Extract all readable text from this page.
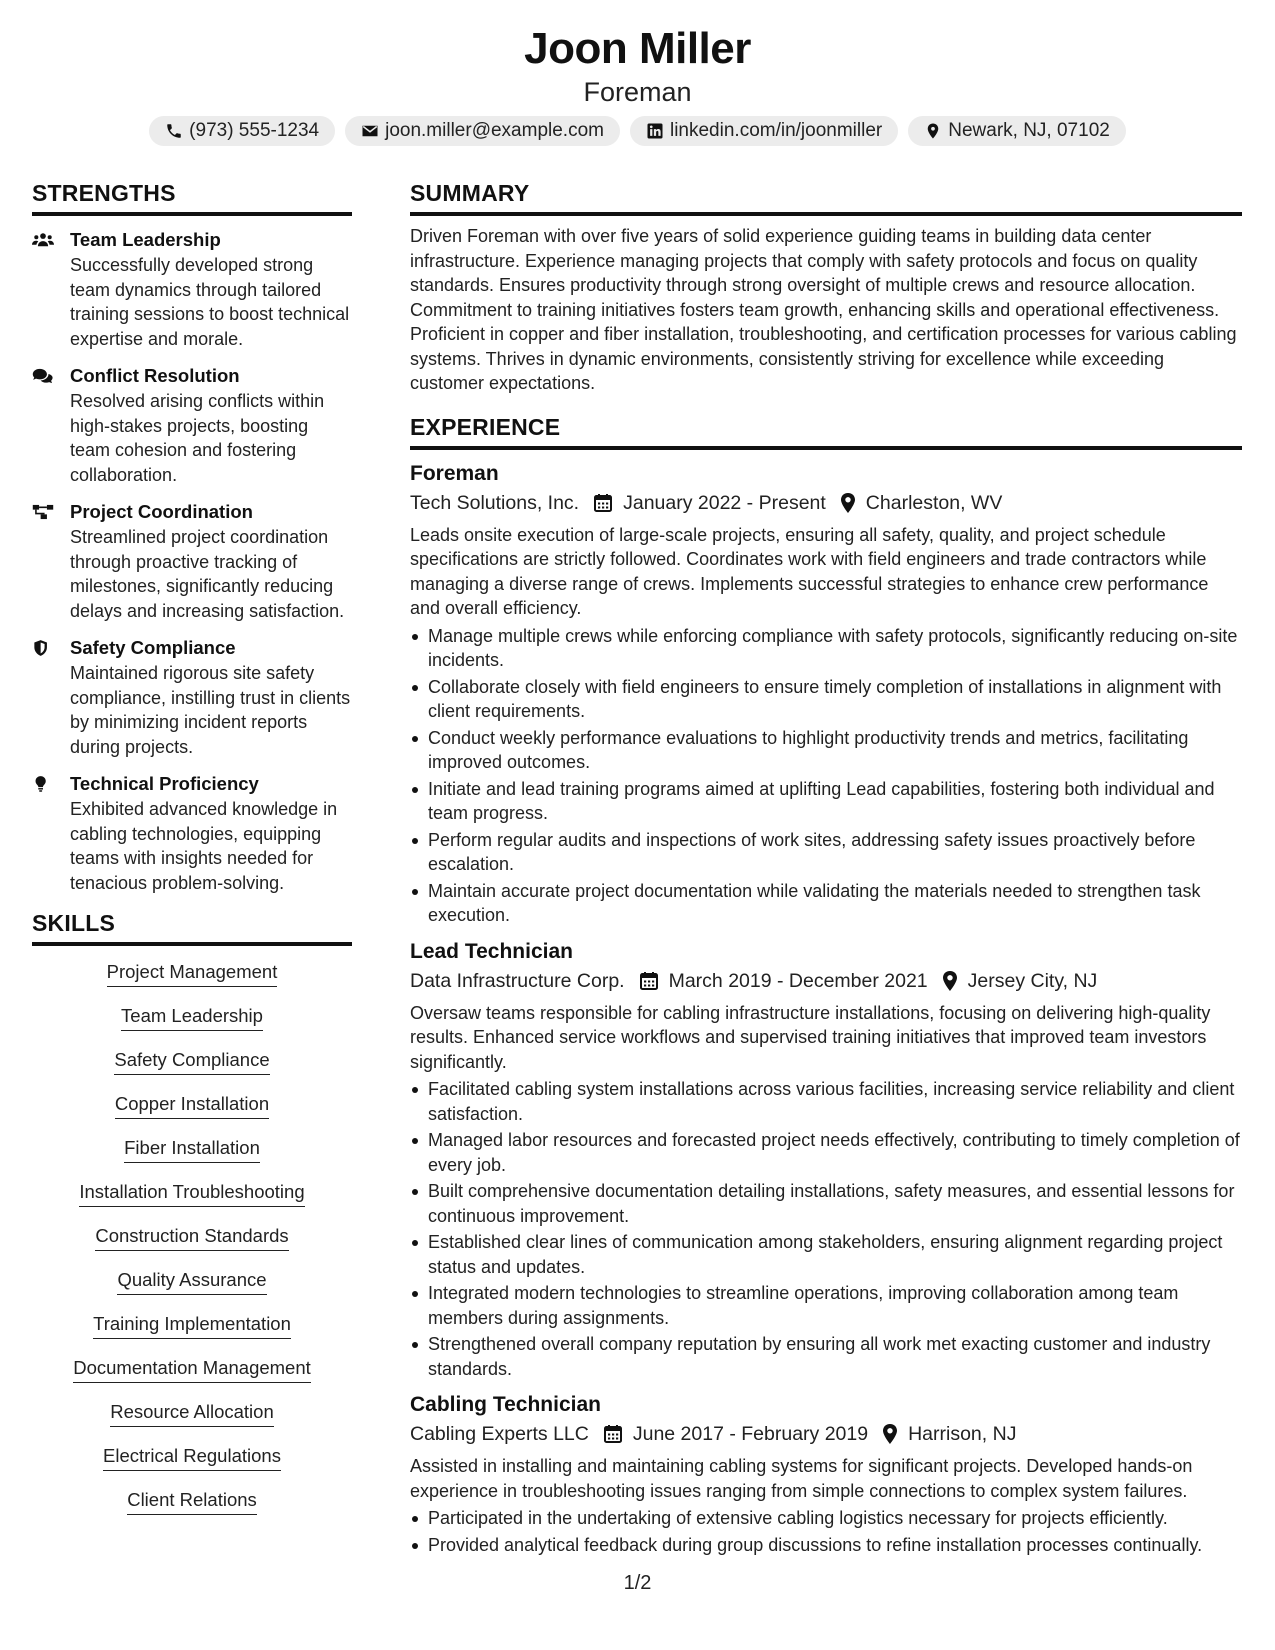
Joon Miller
Foreman
(973) 555-1234	joon.miller@example.com	linkedin.com/in/joonmiller	Newark, NJ, 07102
STRENGTHS
Team Leadership
Successfully developed strong team dynamics through tailored training sessions to boost technical expertise and morale.
Conflict Resolution
Resolved arising conflicts within high-stakes projects, boosting team cohesion and fostering collaboration.
Project Coordination
Streamlined project coordination through proactive tracking of milestones, significantly reducing delays and increasing satisfaction.
Safety Compliance
Maintained rigorous site safety compliance, instilling trust in clients by minimizing incident reports during projects.
Technical Proficiency
Exhibited advanced knowledge in cabling technologies, equipping teams with insights needed for tenacious problem-solving.
SKILLS
Project Management
Team Leadership
Safety Compliance
Copper Installation
Fiber Installation
Installation Troubleshooting
Construction Standards
Quality Assurance
Training Implementation
Documentation Management
Resource Allocation
Electrical Regulations
Client Relations
SUMMARY
Driven Foreman with over five years of solid experience guiding teams in building data center infrastructure. Experience managing projects that comply with safety protocols and focus on quality standards. Ensures productivity through strong oversight of multiple crews and resource allocation. Commitment to training initiatives fosters team growth, enhancing skills and operational effectiveness. Proficient in copper and fiber installation, troubleshooting, and certification processes for various cabling systems. Thrives in dynamic environments, consistently striving for excellence while exceeding customer expectations.
EXPERIENCE
Foreman
Tech Solutions, Inc. January 2022 - Present Charleston, WV
Leads onsite execution of large-scale projects, ensuring all safety, quality, and project schedule specifications are strictly followed. Coordinates work with field engineers and trade contractors while managing a diverse range of crews. Implements successful strategies to enhance crew performance and overall efficiency.
Manage multiple crews while enforcing compliance with safety protocols, significantly reducing on-site incidents.
Collaborate closely with field engineers to ensure timely completion of installations in alignment with client requirements.
Conduct weekly performance evaluations to highlight productivity trends and metrics, facilitating improved outcomes.
Initiate and lead training programs aimed at uplifting Lead capabilities, fostering both individual and team progress.
Perform regular audits and inspections of work sites, addressing safety issues proactively before escalation.
Maintain accurate project documentation while validating the materials needed to strengthen task execution.
Lead Technician
Data Infrastructure Corp. March 2019 - December 2021 Jersey City, NJ
Oversaw teams responsible for cabling infrastructure installations, focusing on delivering high-quality results. Enhanced service workflows and supervised training initiatives that improved team investors significantly.
Facilitated cabling system installations across various facilities, increasing service reliability and client satisfaction.
Managed labor resources and forecasted project needs effectively, contributing to timely completion of every job.
Built comprehensive documentation detailing installations, safety measures, and essential lessons for continuous improvement.
Established clear lines of communication among stakeholders, ensuring alignment regarding project status and updates.
Integrated modern technologies to streamline operations, improving collaboration among team members during assignments.
Strengthened overall company reputation by ensuring all work met exacting customer and industry standards.
Cabling Technician
Cabling Experts LLC June 2017 - February 2019 Harrison, NJ
Assisted in installing and maintaining cabling systems for significant projects. Developed hands-on experience in troubleshooting issues ranging from simple connections to complex system failures.
Participated in the undertaking of extensive cabling logistics necessary for projects efficiently.
Provided analytical feedback during group discussions to refine installation processes continually.
1/2
